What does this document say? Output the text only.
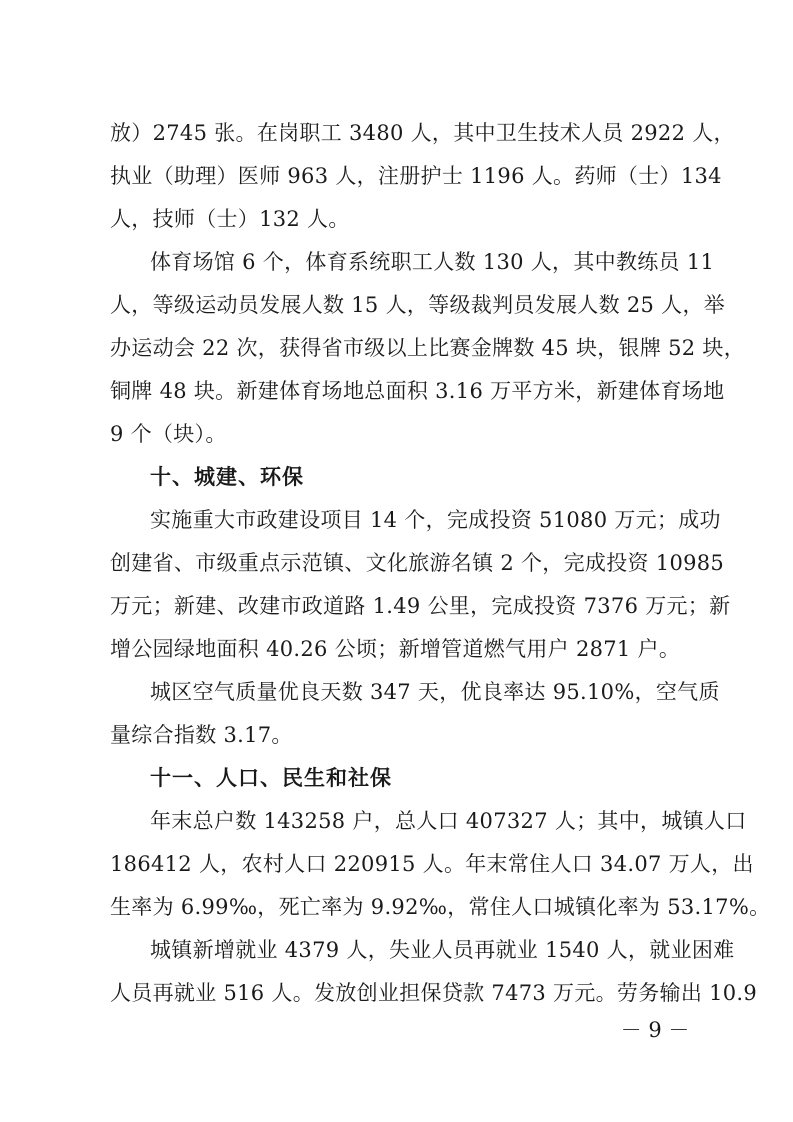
放）2745 张。在岗职工 3480 人，其中卫生技术人员 2922 人，
执业（助理）医师 963 人，注册护士 1196 人。药师（士）134
人，技师（士）132 人。
体育场馆 6 个，体育系统职工人数 130 人，其中教练员 11
人，等级运动员发展人数 15 人，等级裁判员发展人数 25 人，举
办运动会 22 次，获得省市级以上比赛金牌数 45 块，银牌 52 块，
铜牌 48 块。新建体育场地总面积 3.16 万平方米，新建体育场地
9 个（块）。
十、城建、环保
实施重大市政建设项目 14 个，完成投资 51080 万元；成功
创建省、市级重点示范镇、文化旅游名镇 2 个，完成投资 10985
万元；新建、改建市政道路 1.49 公里，完成投资 7376 万元；新
增公园绿地面积 40.26 公顷；新增管道燃气用户 2871 户。
城区空气质量优良天数 347 天，优良率达 95.10%，空气质
量综合指数 3.17。
十一、人口、民生和社保
年末总户数 143258 户，总人口 407327 人；其中，城镇人口
186412 人，农村人口 220915 人。年末常住人口 34.07 万人，出
生率为 6.99‰，死亡率为 9.92‰，常住人口城镇化率为 53.17%。
城镇新增就业 4379 人，失业人员再就业 1540 人，就业困难
人员再就业 516 人。发放创业担保贷款 7473 万元。劳务输出 10.9
－ 9 －
